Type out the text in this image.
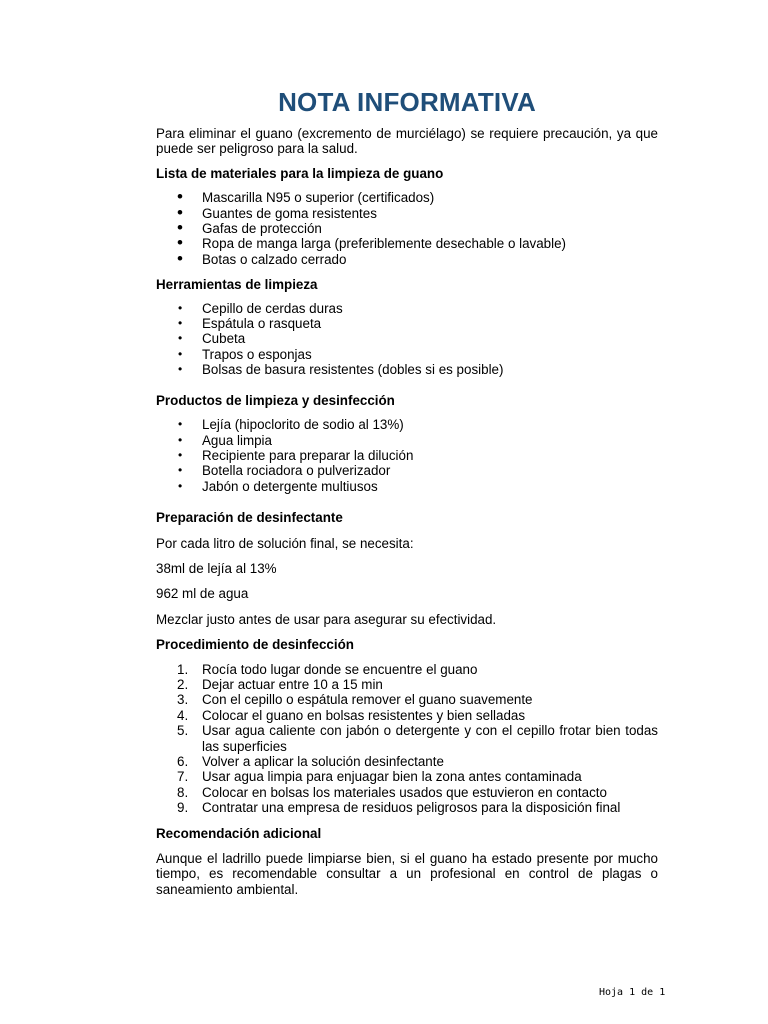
NOTA INFORMATIVA

Para eliminar el guano (excremento de murciélago) se requiere precaución, ya que puede ser peligroso para la salud.

Lista de materiales para la limpieza de guano

• Mascarilla N95 o superior (certificados)
• Guantes de goma resistentes
• Gafas de protección
• Ropa de manga larga (preferiblemente desechable o lavable)
• Botas o calzado cerrado

Herramientas de limpieza

• Cepillo de cerdas duras
• Espátula o rasqueta
• Cubeta
• Trapos o esponjas
• Bolsas de basura resistentes (dobles si es posible)

Productos de limpieza y desinfección

• Lejía (hipoclorito de sodio al 13%)
• Agua limpia
• Recipiente para preparar la dilución
• Botella rociadora o pulverizador
• Jabón o detergente multiusos

Preparación de desinfectante

Por cada litro de solución final, se necesita:

38ml de lejía al 13%

962 ml de agua

Mezclar justo antes de usar para asegurar su efectividad.

Procedimiento de desinfección

1. Rocía todo lugar donde se encuentre el guano
2. Dejar actuar entre 10 a 15 min
3. Con el cepillo o espátula remover el guano suavemente
4. Colocar el guano en bolsas resistentes y bien selladas
5. Usar agua caliente con jabón o detergente y con el cepillo frotar bien todas las superficies
6. Volver a aplicar la solución desinfectante
7. Usar agua limpia para enjuagar bien la zona antes contaminada
8. Colocar en bolsas los materiales usados que estuvieron en contacto
9. Contratar una empresa de residuos peligrosos para la disposición final

Recomendación adicional

Aunque el ladrillo puede limpiarse bien, si el guano ha estado presente por mucho tiempo, es recomendable consultar a un profesional en control de plagas o saneamiento ambiental.

Hoja 1 de 1
